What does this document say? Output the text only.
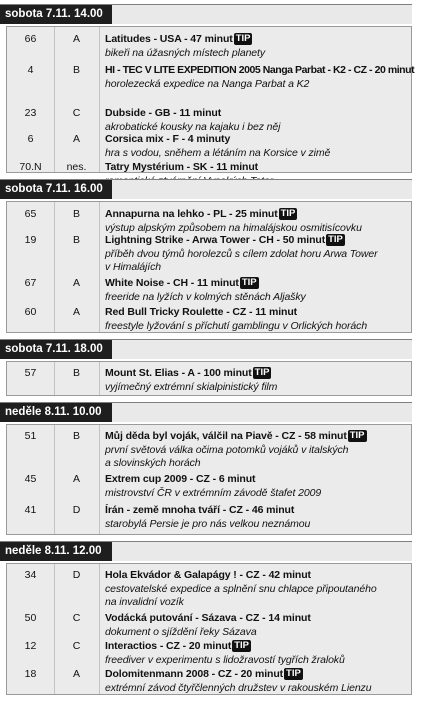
sobota 7.11. 14.00
66	A	Latitudes - USA - 47 minut TIP
bikeři na úžasných místech planety
4	B	HI - TEC V LITE EXPEDITION 2005 Nanga Parbat - K2 - CZ - 20 minut
horolezecká expedice na Nanga Parbat a K2
23	C	Dubside - GB - 11 minut
akrobatické kousky na kajaku i bez něj
6	A	Corsica mix - F - 4 minuty
hra s vodou, sněhem a létáním na Korsice v zimě
70.N	nes.	Tatry Mystérium - SK - 11 minut
sobota 7.11. 16.00
65	B	Annapurna na lehko - PL - 25 minut TIP
výstup alpským způsobem na himalájskou osmitisícovku
19	B	Lightning Strike - Arwa Tower - CH - 50 minut TIP
příběh dvou týmů horolezců s cílem zdolat horu Arwa Tower
v Himalájích
67	A	White Noise - CH - 11 minut TIP
freeride na lyžích v kolmých stěnách Aljašky
60	A	Red Bull Tricky Roulette - CZ - 11 minut
freestyle lyžování s příchutí gamblingu v Orlických horách
sobota 7.11. 18.00
57	B	Mount St. Elias - A - 100 minut TIP
vyjímečný extrémní skialpinistický film
neděle 8.11. 10.00
51	B	Můj děda byl voják, válčil na Piavě - CZ - 58 minut TIP
první světová válka očima potomků vojáků v italských
a slovinských horách
45	A	Extrem cup 2009 - CZ - 6 minut
mistrovství ČR v extrémním závodě štafet 2009
41	D	Írán - země mnoha tváří - CZ - 46 minut
starobylá Persie je pro nás velkou neznámou
neděle 8.11. 12.00
34	D	Hola Ekvádor & Galapágy ! - CZ - 42 minut
cestovatelské expedice a splnění snu chlapce připoutaného
na invalidní vozík
50	C	Vodácká putování - Sázava - CZ - 14 minut
dokument o sjíždění řeky Sázava
12	C	Interactios - CZ - 20 minut TIP
freediver v experimentu s lidožravostí tygřích žraloků
18	A	Dolomitenmann 2008 - CZ - 20 minut TIP
extrémní závod čtyřčlenných družstev v rakouském Lienzu
